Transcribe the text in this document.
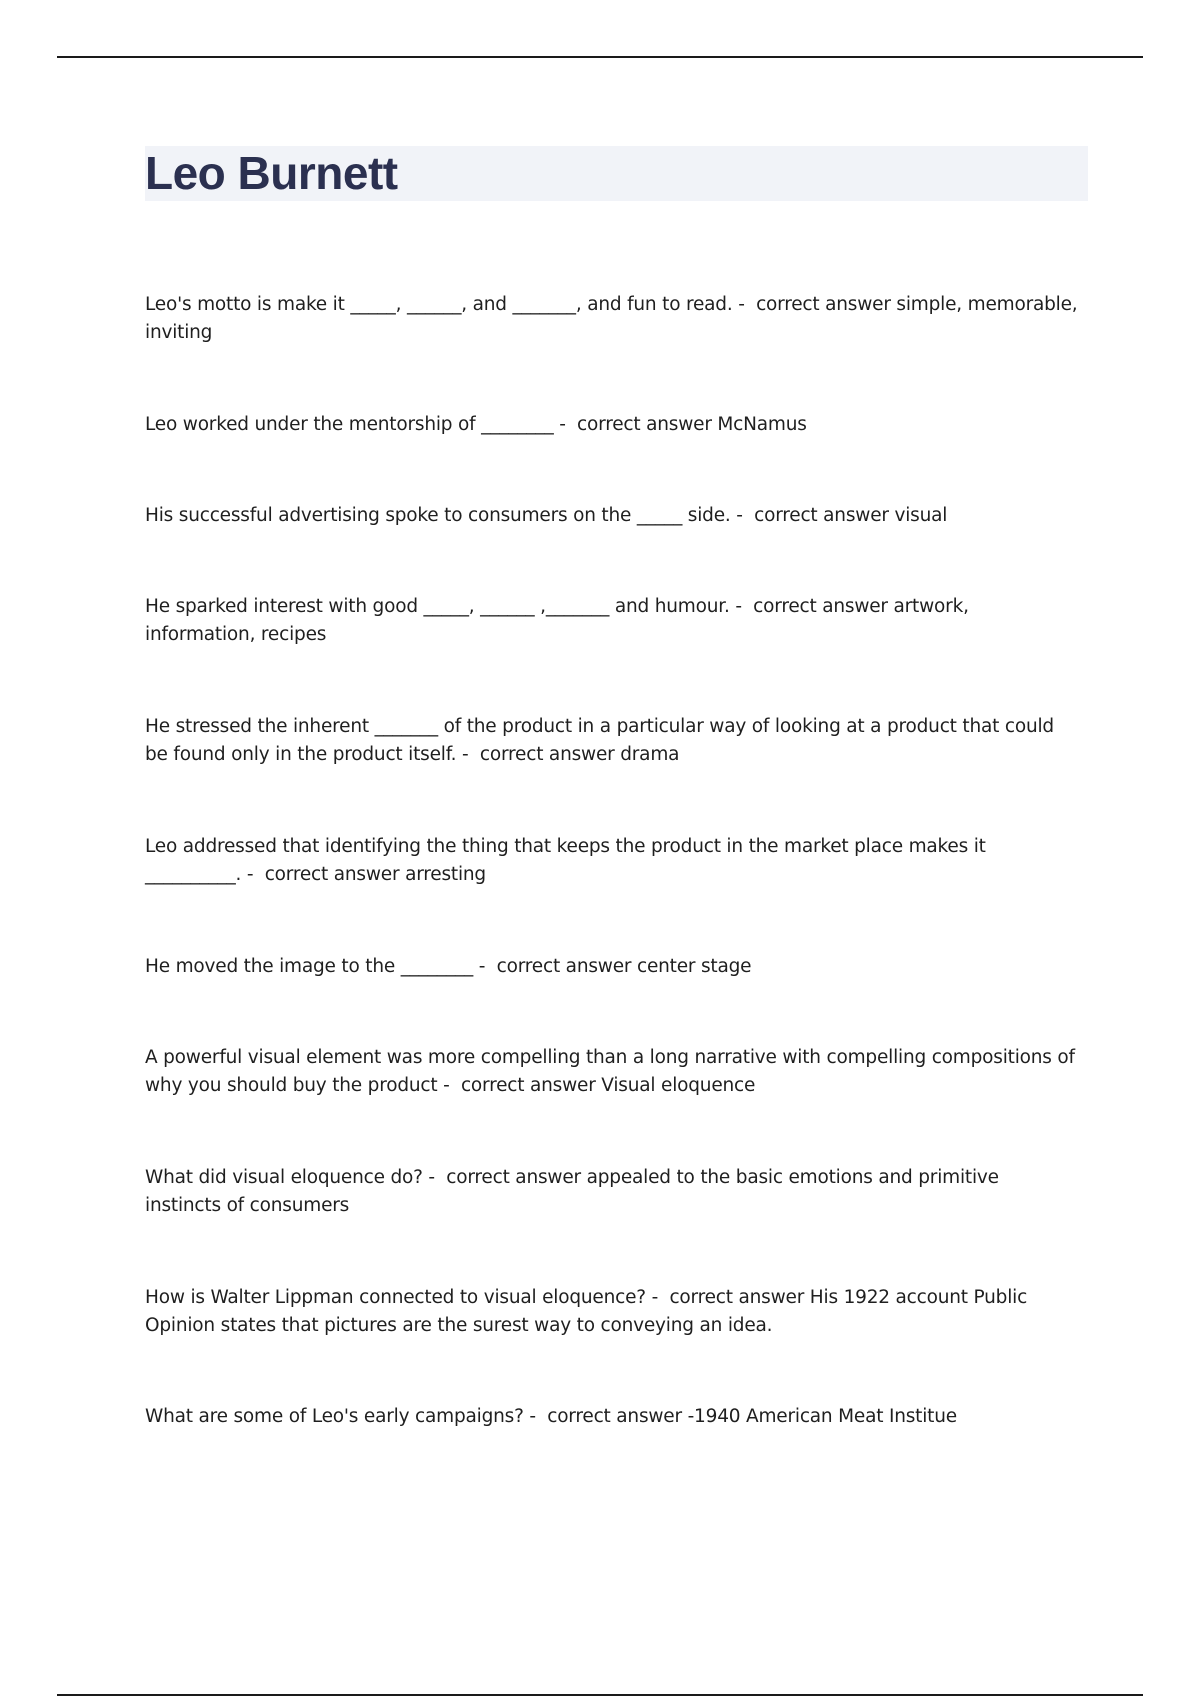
Leo Burnett
Leo's motto is make it _____, ______, and _______, and fun to read. -  correct answer simple, memorable, inviting
Leo worked under the mentorship of ________ -  correct answer McNamus
His successful advertising spoke to consumers on the _____ side. -  correct answer visual
He sparked interest with good _____, ______ ,_______ and humour. -  correct answer artwork, information, recipes
He stressed the inherent _______ of the product in a particular way of looking at a product that could be found only in the product itself. -  correct answer drama
Leo addressed that identifying the thing that keeps the product in the market place makes it __________. -  correct answer arresting
He moved the image to the ________ -  correct answer center stage
A powerful visual element was more compelling than a long narrative with compelling compositions of why you should buy the product -  correct answer Visual eloquence
What did visual eloquence do? -  correct answer appealed to the basic emotions and primitive instincts of consumers
How is Walter Lippman connected to visual eloquence? -  correct answer His 1922 account Public Opinion states that pictures are the surest way to conveying an idea.
What are some of Leo's early campaigns? -  correct answer -1940 American Meat Institue
